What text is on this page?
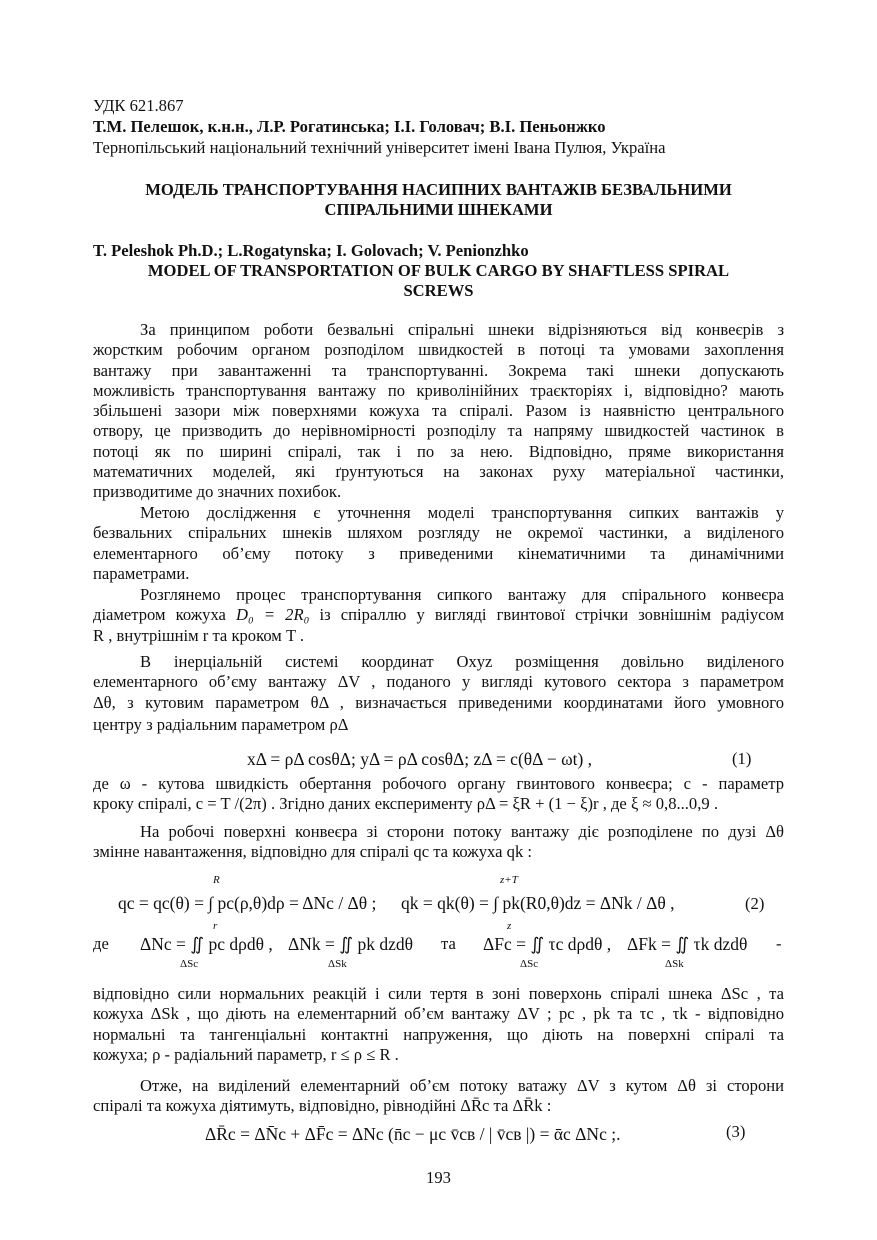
УДК 621.867
Т.М. Пелешок, к.н.н., Л.Р. Рогатинська; І.І. Головач; В.І. Пеньонжко
Тернопільський національний технічний університет імені Івана Пулюя, Україна
МОДЕЛЬ ТРАНСПОРТУВАННЯ НАСИПНИХ ВАНТАЖІВ БЕЗВАЛЬНИМИ
СПІРАЛЬНИМИ ШНЕКАМИ
T. Peleshok Ph.D.; L.Rogatynska; I. Golovach; V. Penionzhko
MODEL OF TRANSPORTATION OF BULK CARGO BY SHAFTLESS SPIRAL
SCREWS
За принципом роботи безвальні спіральні шнеки відрізняються від конвеєрів з
жорстким робочим органом розподілом швидкостей в потоці та умовами захоплення
вантажу при завантаженні та транспортуванні. Зокрема такі шнеки допускають
можливість транспортування вантажу по криволінійних траєкторіях і, відповідно? мають
збільшені зазори між поверхнями кожуха та спіралі. Разом із наявністю центрального
отвору, це призводить до нерівномірності розподілу та напряму швидкостей частинок в
потоці як по ширині спіралі, так і по за нею. Відповідно, пряме використання
математичних моделей, які ґрунтуються на законах руху матеріальної частинки,
призводитиме до значних похибок.
Метою дослідження є уточнення моделі транспортування сипких вантажів у
безвальних спіральних шнеків шляхом розгляду не окремої частинки, а виділеного
елементарного об’єму потоку з приведеними кінематичними та динамічними
параметрами.
Розглянемо процес транспортування сипкого вантажу для спірального конвеєра
діаметром кожуха D₀ = 2R₀ із спіраллю у вигляді гвинтової стрічки зовнішнім радіусом
R , внутрішнім r та кроком T .
В інерціальній системі координат Oxyz розміщення довільно виділеного
елементарного об’єму вантажу ΔV , поданого у вигляді кутового сектора з параметром
Δθ, з кутовим параметром θΔ , визначається приведеними координатами його умовного
центру з радіальним параметром ρΔ
xΔ = ρΔ cosθΔ; yΔ = ρΔ cosθΔ; zΔ = c(θΔ − ωt) ,	(1)
де ω - кутова швидкість обертання робочого органу гвинтового конвеєра; c - параметр
кроку спіралі, c = T /(2π) . Згідно даних експерименту ρΔ = ξR + (1 − ξ)r , де ξ ≈ 0,8...0,9 .
На робочі поверхні конвеєра зі сторони потоку вантажу діє розподілене по дузі Δθ
змінне навантаження, відповідно для спіралі qc та кожуха qk :
R
r
qc = qc(θ) = ∫ pc(ρ,θ)dρ = ΔNc / Δθ ;
z+T
z
qk = qk(θ) = ∫ pk(R0,θ)dz = ΔNk / Δθ ,	(2)
де ΔNc = ∬ pc dρdθ ,
ΔSc
ΔNk = ∬ pk dzdθ
ΔSk
та ΔFc = ∬ τc dρdθ ,
ΔSc
ΔFk = ∬ τk dzdθ
ΔSk
-
відповідно сили нормальних реакцій і сили тертя в зоні поверхонь спіралі шнека ΔSc , та
кожуха ΔSk , що діють на елементарний об’єм вантажу ΔV ; pc , pk та τc , τk - відповідно
нормальні та тангенціальні контактні напруження, що діють на поверхні спіралі та
кожуха; ρ - радіальний параметр, r ≤ ρ ≤ R .
Отже, на виділений елементарний об’єм потоку ватажу ΔV з кутом Δθ зі сторони
спіралі та кожуха діятимуть, відповідно, рівнодійні ΔR̄c та ΔR̄k :
ΔR̄c = ΔN̄c + ΔF̄c = ΔNc (n̄c − μc v̄cв / | v̄cв |) = ᾱc ΔNc ;.	(3)
193
